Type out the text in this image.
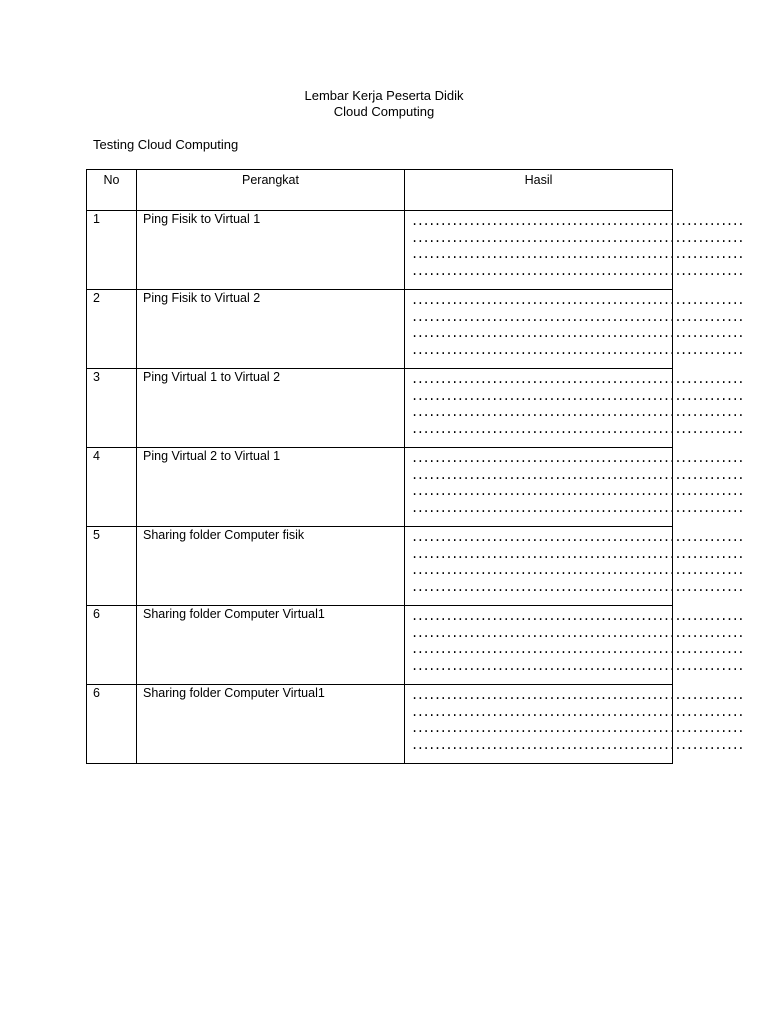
Lembar Kerja Peserta Didik
Cloud Computing
Testing Cloud Computing
No	Perangkat	Hasil
1	Ping Fisik to Virtual 1	..........................................................
..........................................................
..........................................................
..........................................................

2	Ping Fisik to Virtual 2	..........................................................
..........................................................
..........................................................
..........................................................

3	Ping Virtual 1 to Virtual 2	..........................................................
..........................................................
..........................................................
..........................................................

4	Ping Virtual 2 to Virtual 1	..........................................................
..........................................................
..........................................................
..........................................................

5	Sharing folder Computer fisik	..........................................................
..........................................................
..........................................................
..........................................................

6	Sharing folder Computer Virtual1	..........................................................
..........................................................
..........................................................
..........................................................

6	Sharing folder Computer Virtual1	..........................................................
..........................................................
..........................................................
..........................................................
